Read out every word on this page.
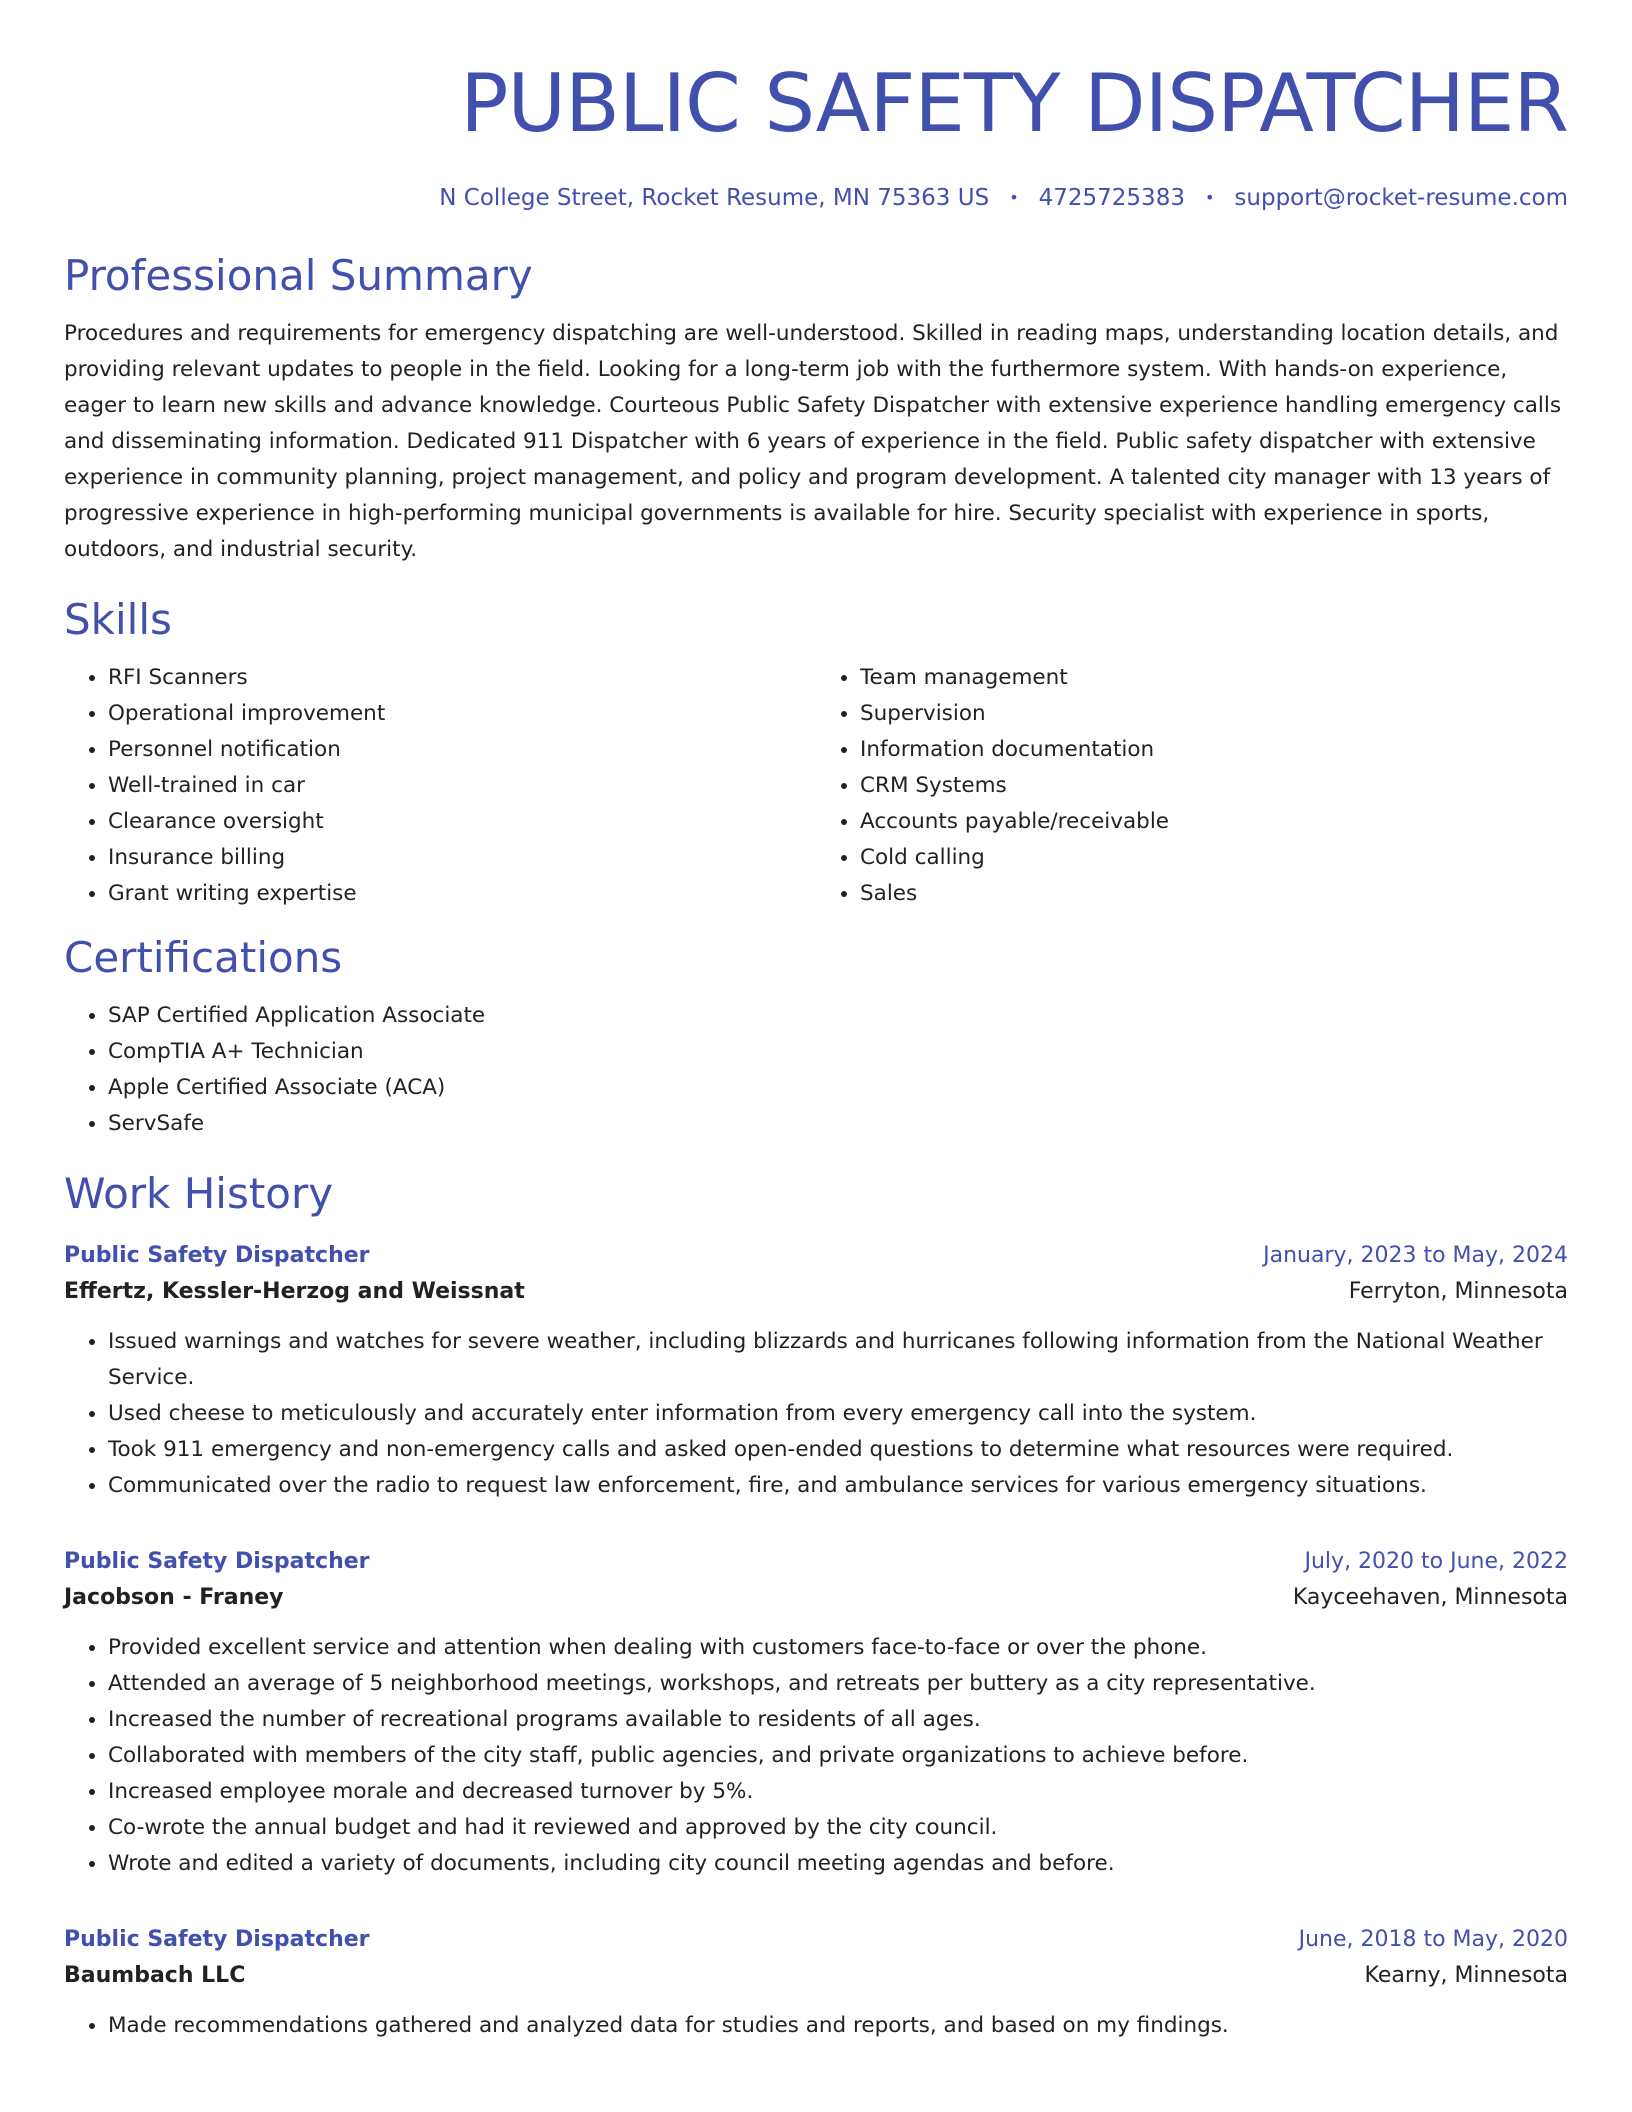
PUBLIC SAFETY DISPATCHER
N College Street, Rocket Resume, MN 75363 US • 4725725383 • support@rocket-resume.com
Professional Summary
Procedures and requirements for emergency dispatching are well-understood. Skilled in reading maps, understanding location details, and providing relevant updates to people in the field. Looking for a long-term job with the furthermore system. With hands-on experience, eager to learn new skills and advance knowledge. Courteous Public Safety Dispatcher with extensive experience handling emergency calls and disseminating information. Dedicated 911 Dispatcher with 6 years of experience in the field. Public safety dispatcher with extensive experience in community planning, project management, and policy and program development. A talented city manager with 13 years of progressive experience in high-performing municipal governments is available for hire. Security specialist with experience in sports, outdoors, and industrial security.
Skills
• RFI Scanners
• Operational improvement
• Personnel notification
• Well-trained in car
• Clearance oversight
• Insurance billing
• Grant writing expertise
• Team management
• Supervision
• Information documentation
• CRM Systems
• Accounts payable/receivable
• Cold calling
• Sales
Certifications
• SAP Certified Application Associate
• CompTIA A+ Technician
• Apple Certified Associate (ACA)
• ServSafe
Work History
Public Safety Dispatcher	January, 2023 to May, 2024
Effertz, Kessler-Herzog and Weissnat	Ferryton, Minnesota
• Issued warnings and watches for severe weather, including blizzards and hurricanes following information from the National Weather Service.
• Used cheese to meticulously and accurately enter information from every emergency call into the system.
• Took 911 emergency and non-emergency calls and asked open-ended questions to determine what resources were required.
• Communicated over the radio to request law enforcement, fire, and ambulance services for various emergency situations.
Public Safety Dispatcher	July, 2020 to June, 2022
Jacobson - Franey	Kayceehaven, Minnesota
• Provided excellent service and attention when dealing with customers face-to-face or over the phone.
• Attended an average of 5 neighborhood meetings, workshops, and retreats per buttery as a city representative.
• Increased the number of recreational programs available to residents of all ages.
• Collaborated with members of the city staff, public agencies, and private organizations to achieve before.
• Increased employee morale and decreased turnover by 5%.
• Co-wrote the annual budget and had it reviewed and approved by the city council.
• Wrote and edited a variety of documents, including city council meeting agendas and before.
Public Safety Dispatcher	June, 2018 to May, 2020
Baumbach LLC	Kearny, Minnesota
• Made recommendations gathered and analyzed data for studies and reports, and based on my findings.
